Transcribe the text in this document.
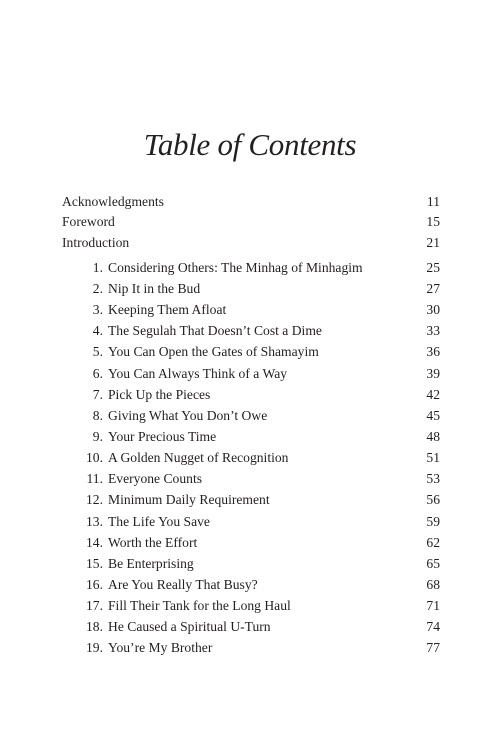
Table of Contents
Acknowledgments	11
Foreword	15
Introduction	21
1. Considering Others: The Minhag of Minhagim	25
2. Nip It in the Bud	27
3. Keeping Them Afloat	30
4. The Segulah That Doesn’t Cost a Dime	33
5. You Can Open the Gates of Shamayim	36
6. You Can Always Think of a Way	39
7. Pick Up the Pieces	42
8. Giving What You Don’t Owe	45
9. Your Precious Time	48
10. A Golden Nugget of Recognition	51
11. Everyone Counts	53
12. Minimum Daily Requirement	56
13. The Life You Save	59
14. Worth the Effort	62
15. Be Enterprising	65
16. Are You Really That Busy?	68
17. Fill Their Tank for the Long Haul	71
18. He Caused a Spiritual U-Turn	74
19. You’re My Brother	77
